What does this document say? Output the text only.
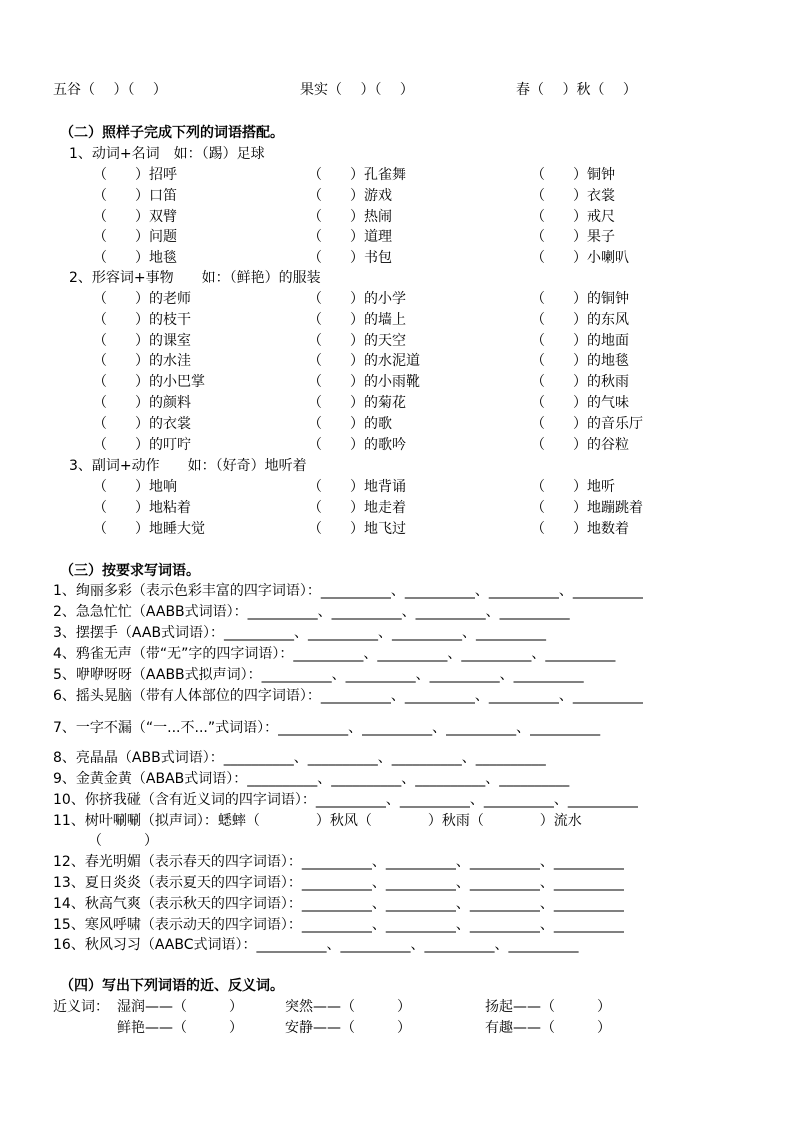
五谷（　 ）（　 ）	果实（　 ）（　 ）	春（　 ）秋（　 ）
（二）照样子完成下列的词语搭配。
1、动词+名词　如：（踢）足球
（　　）招呼	（　　）孔雀舞	（　　）铜钟
（　　）口笛	（　　）游戏	（　　）衣裳
（　　）双臂	（　　）热闹	（　　）戒尺
（　　）问题	（　　）道理	（　　）果子
（　　）地毯	（　　）书包	（　　）小喇叭
2、形容词+事物　　如：（鲜艳）的服装
（　　）的老师	（　　）的小学	（　　）的铜钟
（　　）的枝干	（　　）的墙上	（　　）的东风
（　　）的课室	（　　）的天空	（　　）的地面
（　　）的水洼	（　　）的水泥道	（　　）的地毯
（　　）的小巴掌	（　　）的小雨靴	（　　）的秋雨
（　　）的颜料	（　　）的菊花	（　　）的气味
（　　）的衣裳	（　　）的歌	（　　）的音乐厅
（　　）的叮咛	（　　）的歌吟	（　　）的谷粒
3、副词+动作　　如：（好奇）地听着
（　　）地响	（　　）地背诵	（　　）地听
（　　）地粘着	（　　）地走着	（　　）地蹦跳着
（　　）地睡大觉	（　　）地飞过	（　　）地数着
（三）按要求写词语。
1、绚丽多彩（表示色彩丰富的四字词语）：__________、__________、__________、__________
2、急急忙忙（AABB式词语）：__________、__________、__________、__________
3、摆摆手（AAB式词语）：__________、__________、__________、__________
4、鸦雀无声（带“无”字的四字词语）：__________、__________、__________、__________
5、咿咿呀呀（AABB式拟声词）：__________、__________、__________、__________
6、摇头晃脑（带有人体部位的四字词语）：__________、__________、__________、__________
7、一字不漏（“一...不...”式词语）：__________、__________、__________、__________
8、亮晶晶（ABB式词语）：__________、__________、__________、__________
9、金黄金黄（ABAB式词语）：__________、__________、__________、__________
10、你挤我碰（含有近义词的四字词语）：__________、__________、__________、__________
11、树叶唰唰（拟声词）：蟋蟀（　　　　）秋风（　　　　）秋雨（　　　　）流水
（　　　）
12、春光明媚（表示春天的四字词语）：__________、__________、__________、__________
13、夏日炎炎（表示夏天的四字词语）：__________、__________、__________、__________
14、秋高气爽（表示秋天的四字词语）：__________、__________、__________、__________
15、寒风呼啸（表示动天的四字词语）：__________、__________、__________、__________
16、秋风习习（AABC式词语）：__________、__________、__________、__________
（四）写出下列词语的近、反义词。
近义词： 湿润——（　　　）	突然——（　　　）	扬起——（　　　）
鲜艳——（　　　）	安静——（　　　）	有趣——（　　　）
